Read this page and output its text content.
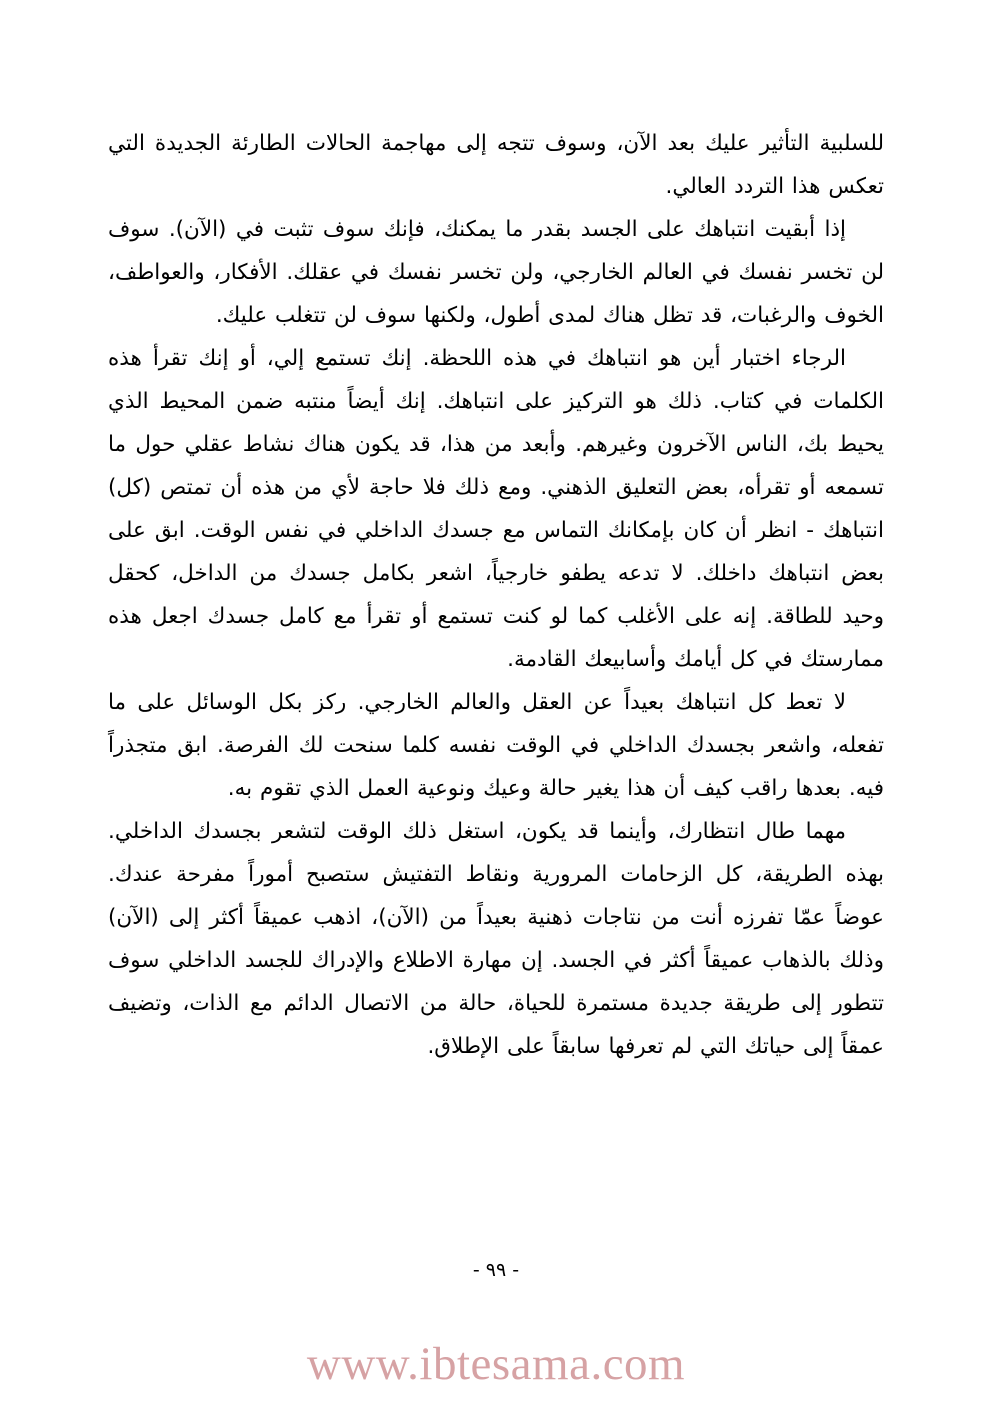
للسلبية التأثير عليك بعد الآن، وسوف تتجه إلى مهاجمة الحالات الطارئة الجديدة التي تعكس هذا التردد العالي.

إذا أبقيت انتباهك على الجسد بقدر ما يمكنك، فإنك سوف تثبت في (الآن). سوف لن تخسر نفسك في العالم الخارجي، ولن تخسر نفسك في عقلك. الأفكار، والعواطف، الخوف والرغبات، قد تظل هناك لمدى أطول، ولكنها سوف لن تتغلب عليك.

الرجاء اختبار أين هو انتباهك في هذه اللحظة. إنك تستمع إلي، أو إنك تقرأ هذه الكلمات في كتاب. ذلك هو التركيز على انتباهك. إنك أيضاً منتبه ضمن المحيط الذي يحيط بك، الناس الآخرون وغيرهم. وأبعد من هذا، قد يكون هناك نشاط عقلي حول ما تسمعه أو تقرأه، بعض التعليق الذهني. ومع ذلك فلا حاجة لأي من هذه أن تمتص (كل) انتباهك - انظر أن كان بإمكانك التماس مع جسدك الداخلي في نفس الوقت. ابق على بعض انتباهك داخلك. لا تدعه يطفو خارجياً، اشعر بكامل جسدك من الداخل، كحقل وحيد للطاقة. إنه على الأغلب كما لو كنت تستمع أو تقرأ مع كامل جسدك اجعل هذه ممارستك في كل أيامك وأسابيعك القادمة.

لا تعط كل انتباهك بعيداً عن العقل والعالم الخارجي. ركز بكل الوسائل على ما تفعله، واشعر بجسدك الداخلي في الوقت نفسه كلما سنحت لك الفرصة. ابق متجذراً فيه. بعدها راقب كيف أن هذا يغير حالة وعيك ونوعية العمل الذي تقوم به.

مهما طال انتظارك، وأينما قد يكون، استغل ذلك الوقت لتشعر بجسدك الداخلي. بهذه الطريقة، كل الزحامات المرورية ونقاط التفتيش ستصبح أموراً مفرحة عندك. عوضاً عمّا تفرزه أنت من نتاجات ذهنية بعيداً من (الآن)، اذهب عميقاً أكثر إلى (الآن) وذلك بالذهاب عميقاً أكثر في الجسد. إن مهارة الاطلاع والإدراك للجسد الداخلي سوف تتطور إلى طريقة جديدة مستمرة للحياة، حالة من الاتصال الدائم مع الذات، وتضيف عمقاً إلى حياتك التي لم تعرفها سابقاً على الإطلاق.

- ٩٩ -
www.ibtesama.com
